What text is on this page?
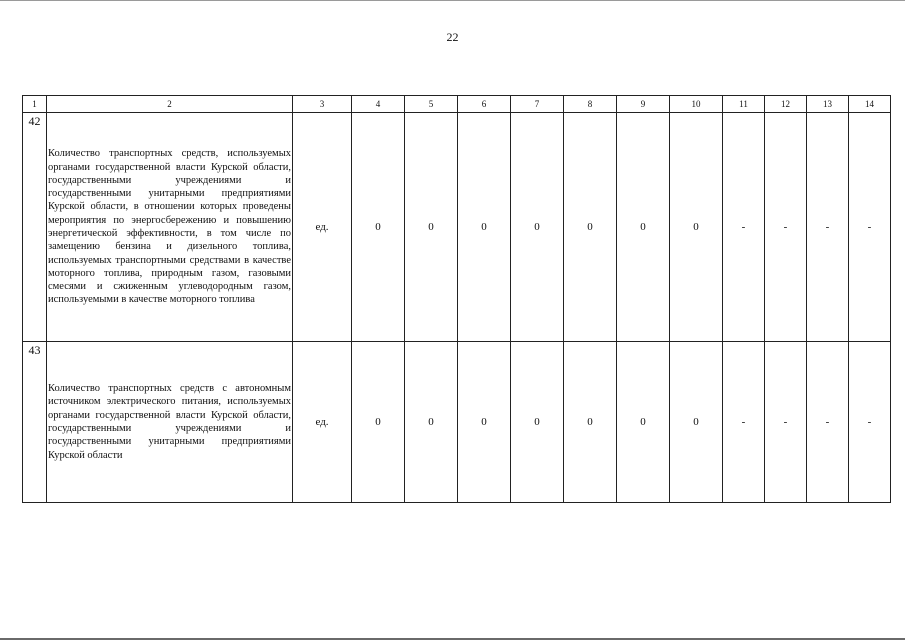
22
1	2	3	4	5	6	7	8	9	10	11	12	13	14
42	Количество транспортных средств, используемых органами государственной власти Курской области, государственными учреждениями и государственными унитарными предприятиями Курской области, в отношении которых проведены мероприятия по энергосбережению и повышению энергетической эффективности, в том числе по замещению бензина и дизельного топлива, используемых транспортными средствами в качестве моторного топлива, природным газом, газовыми смесями и сжиженным углеводородным газом, используемыми в качестве моторного топлива	ед.	0	0	0	0	0	0	0	-	-	-	-
43	Количество транспортных средств с автономным источником электрического питания, используемых органами государственной власти Курской области, государственными учреждениями и государственными унитарными предприятиями Курской области	ед.	0	0	0	0	0	0	0	-	-	-	-
